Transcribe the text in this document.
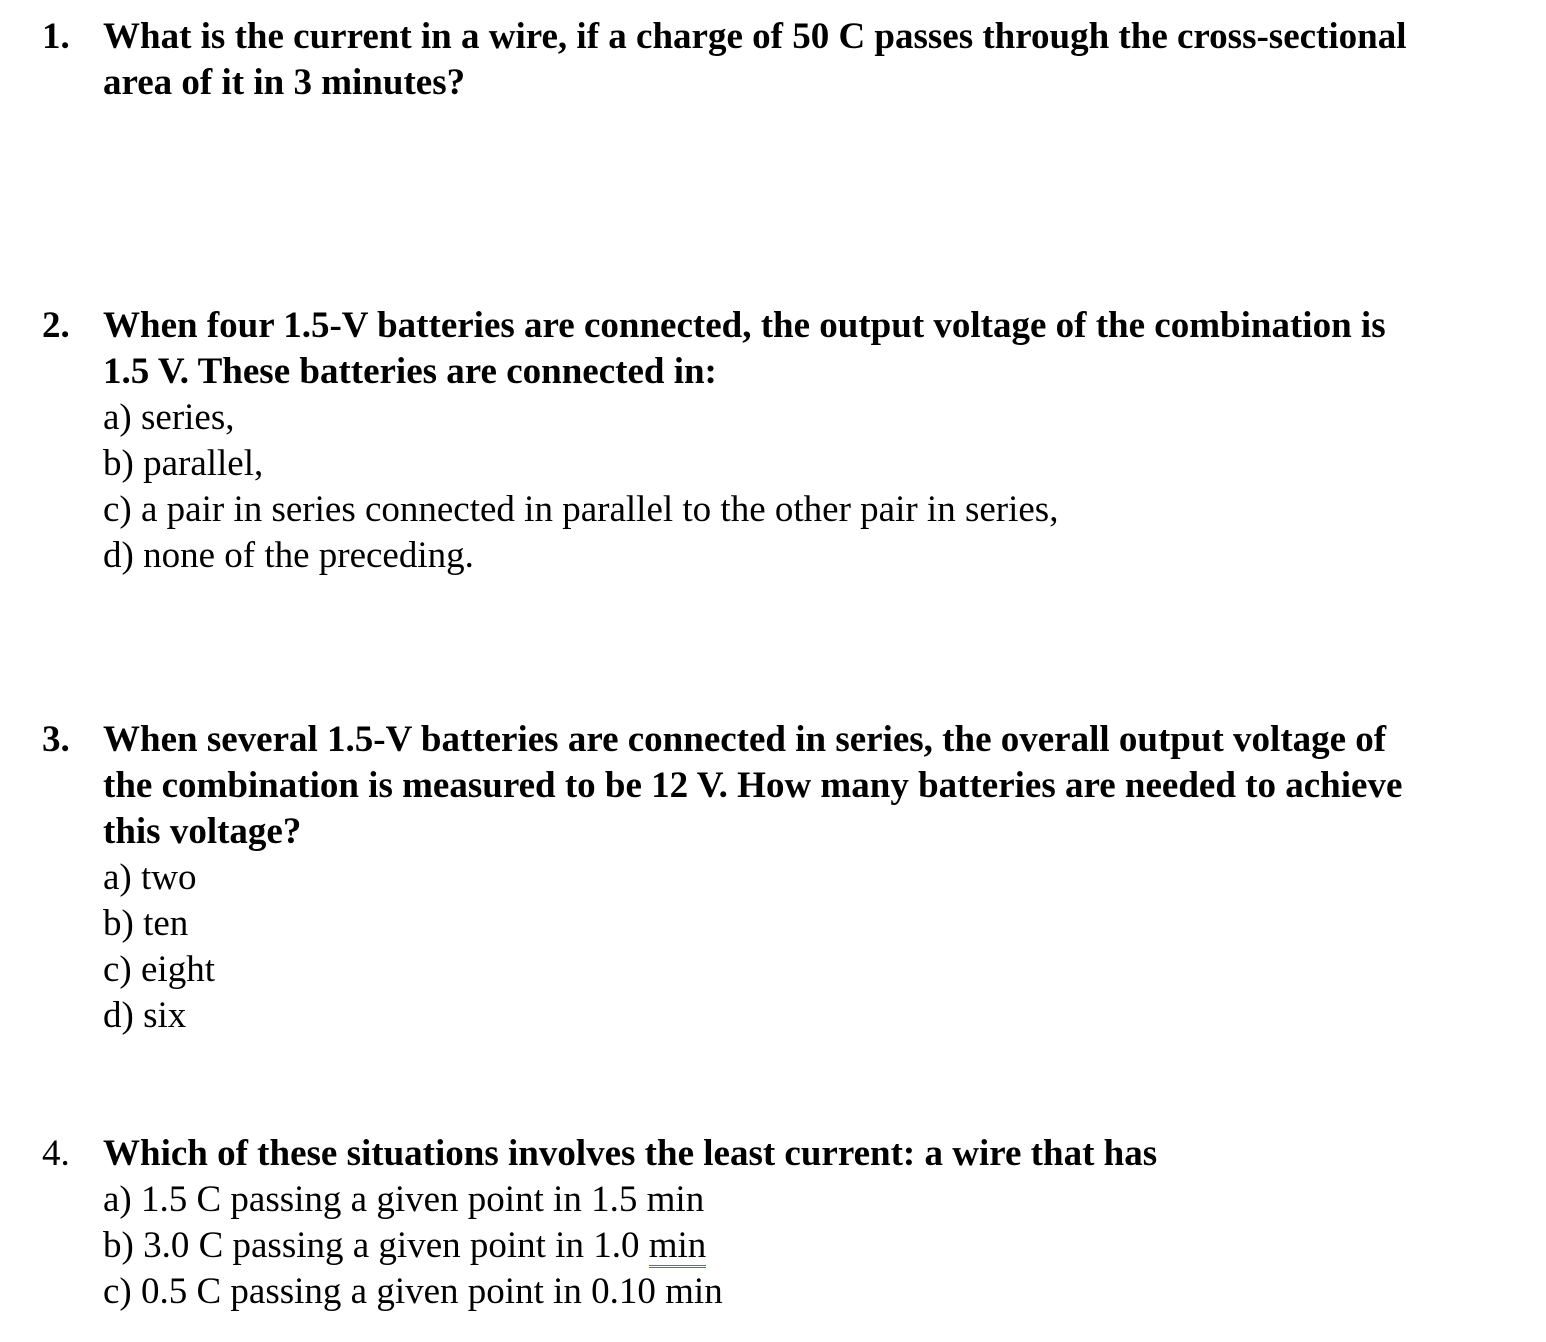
1. What is the current in a wire, if a charge of 50 C passes through the cross-sectional
area of it in 3 minutes?
2. When four 1.5-V batteries are connected, the output voltage of the combination is
1.5 V. These batteries are connected in:
a) series,
b) parallel,
c) a pair in series connected in parallel to the other pair in series,
d) none of the preceding.
3. When several 1.5-V batteries are connected in series, the overall output voltage of
the combination is measured to be 12 V. How many batteries are needed to achieve
this voltage?
a) two
b) ten
c) eight
d) six
4. Which of these situations involves the least current: a wire that has
a) 1.5 C passing a given point in 1.5 min
b) 3.0 C passing a given point in 1.0 min
c) 0.5 C passing a given point in 0.10 min
